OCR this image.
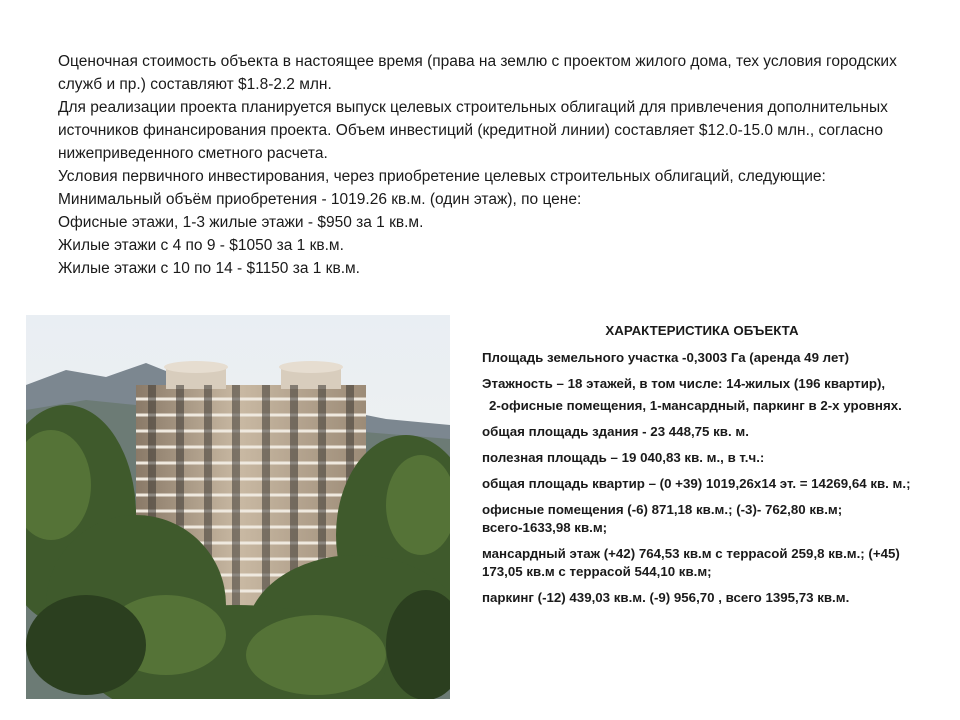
Оценочная стоимость объекта в настоящее время (права на землю с проектом жилого дома, тех условия городских служб и пр.) составляют $1.8-2.2 млн.

Для реализации проекта планируется выпуск целевых строительных облигаций для привлечения дополнительных источников финансирования проекта. Объем инвестиций (кредитной линии) составляет $12.0-15.0 млн., согласно нижеприведенного сметного расчета.

Условия первичного инвестирования, через приобретение целевых строительных облигаций, следующие:

Минимальный объём приобретения - 1019.26 кв.м. (один этаж), по цене:

Офисные этажи, 1-3 жилые этажи - $950 за 1 кв.м.

Жилые этажи с 4 по 9 - $1050 за 1 кв.м.

Жилые этажи с 10 по 14 - $1150 за 1 кв.м.

ХАРАКТЕРИСТИКА ОБЪЕКТА
Площадь земельного участка -0,3003 Га (аренда 49 лет)
Этажность – 18 этажей, в том числе: 14-жилых (196 квартир),
2-офисные помещения, 1-мансардный, паркинг в 2-х уровнях.
общая площадь здания - 23 448,75 кв. м.
полезная площадь – 19 040,83 кв. м., в т.ч.:
общая площадь квартир – (0 +39) 1019,26х14 эт. = 14269,64 кв. м.;
офисные помещения (-6) 871,18 кв.м.; (-3)- 762,80 кв.м; всего-1633,98 кв.м;
мансардный этаж (+42) 764,53 кв.м с террасой 259,8 кв.м.; (+45) 173,05 кв.м с террасой 544,10 кв.м;
паркинг (-12) 439,03 кв.м. (-9) 956,70 , всего 1395,73 кв.м.
